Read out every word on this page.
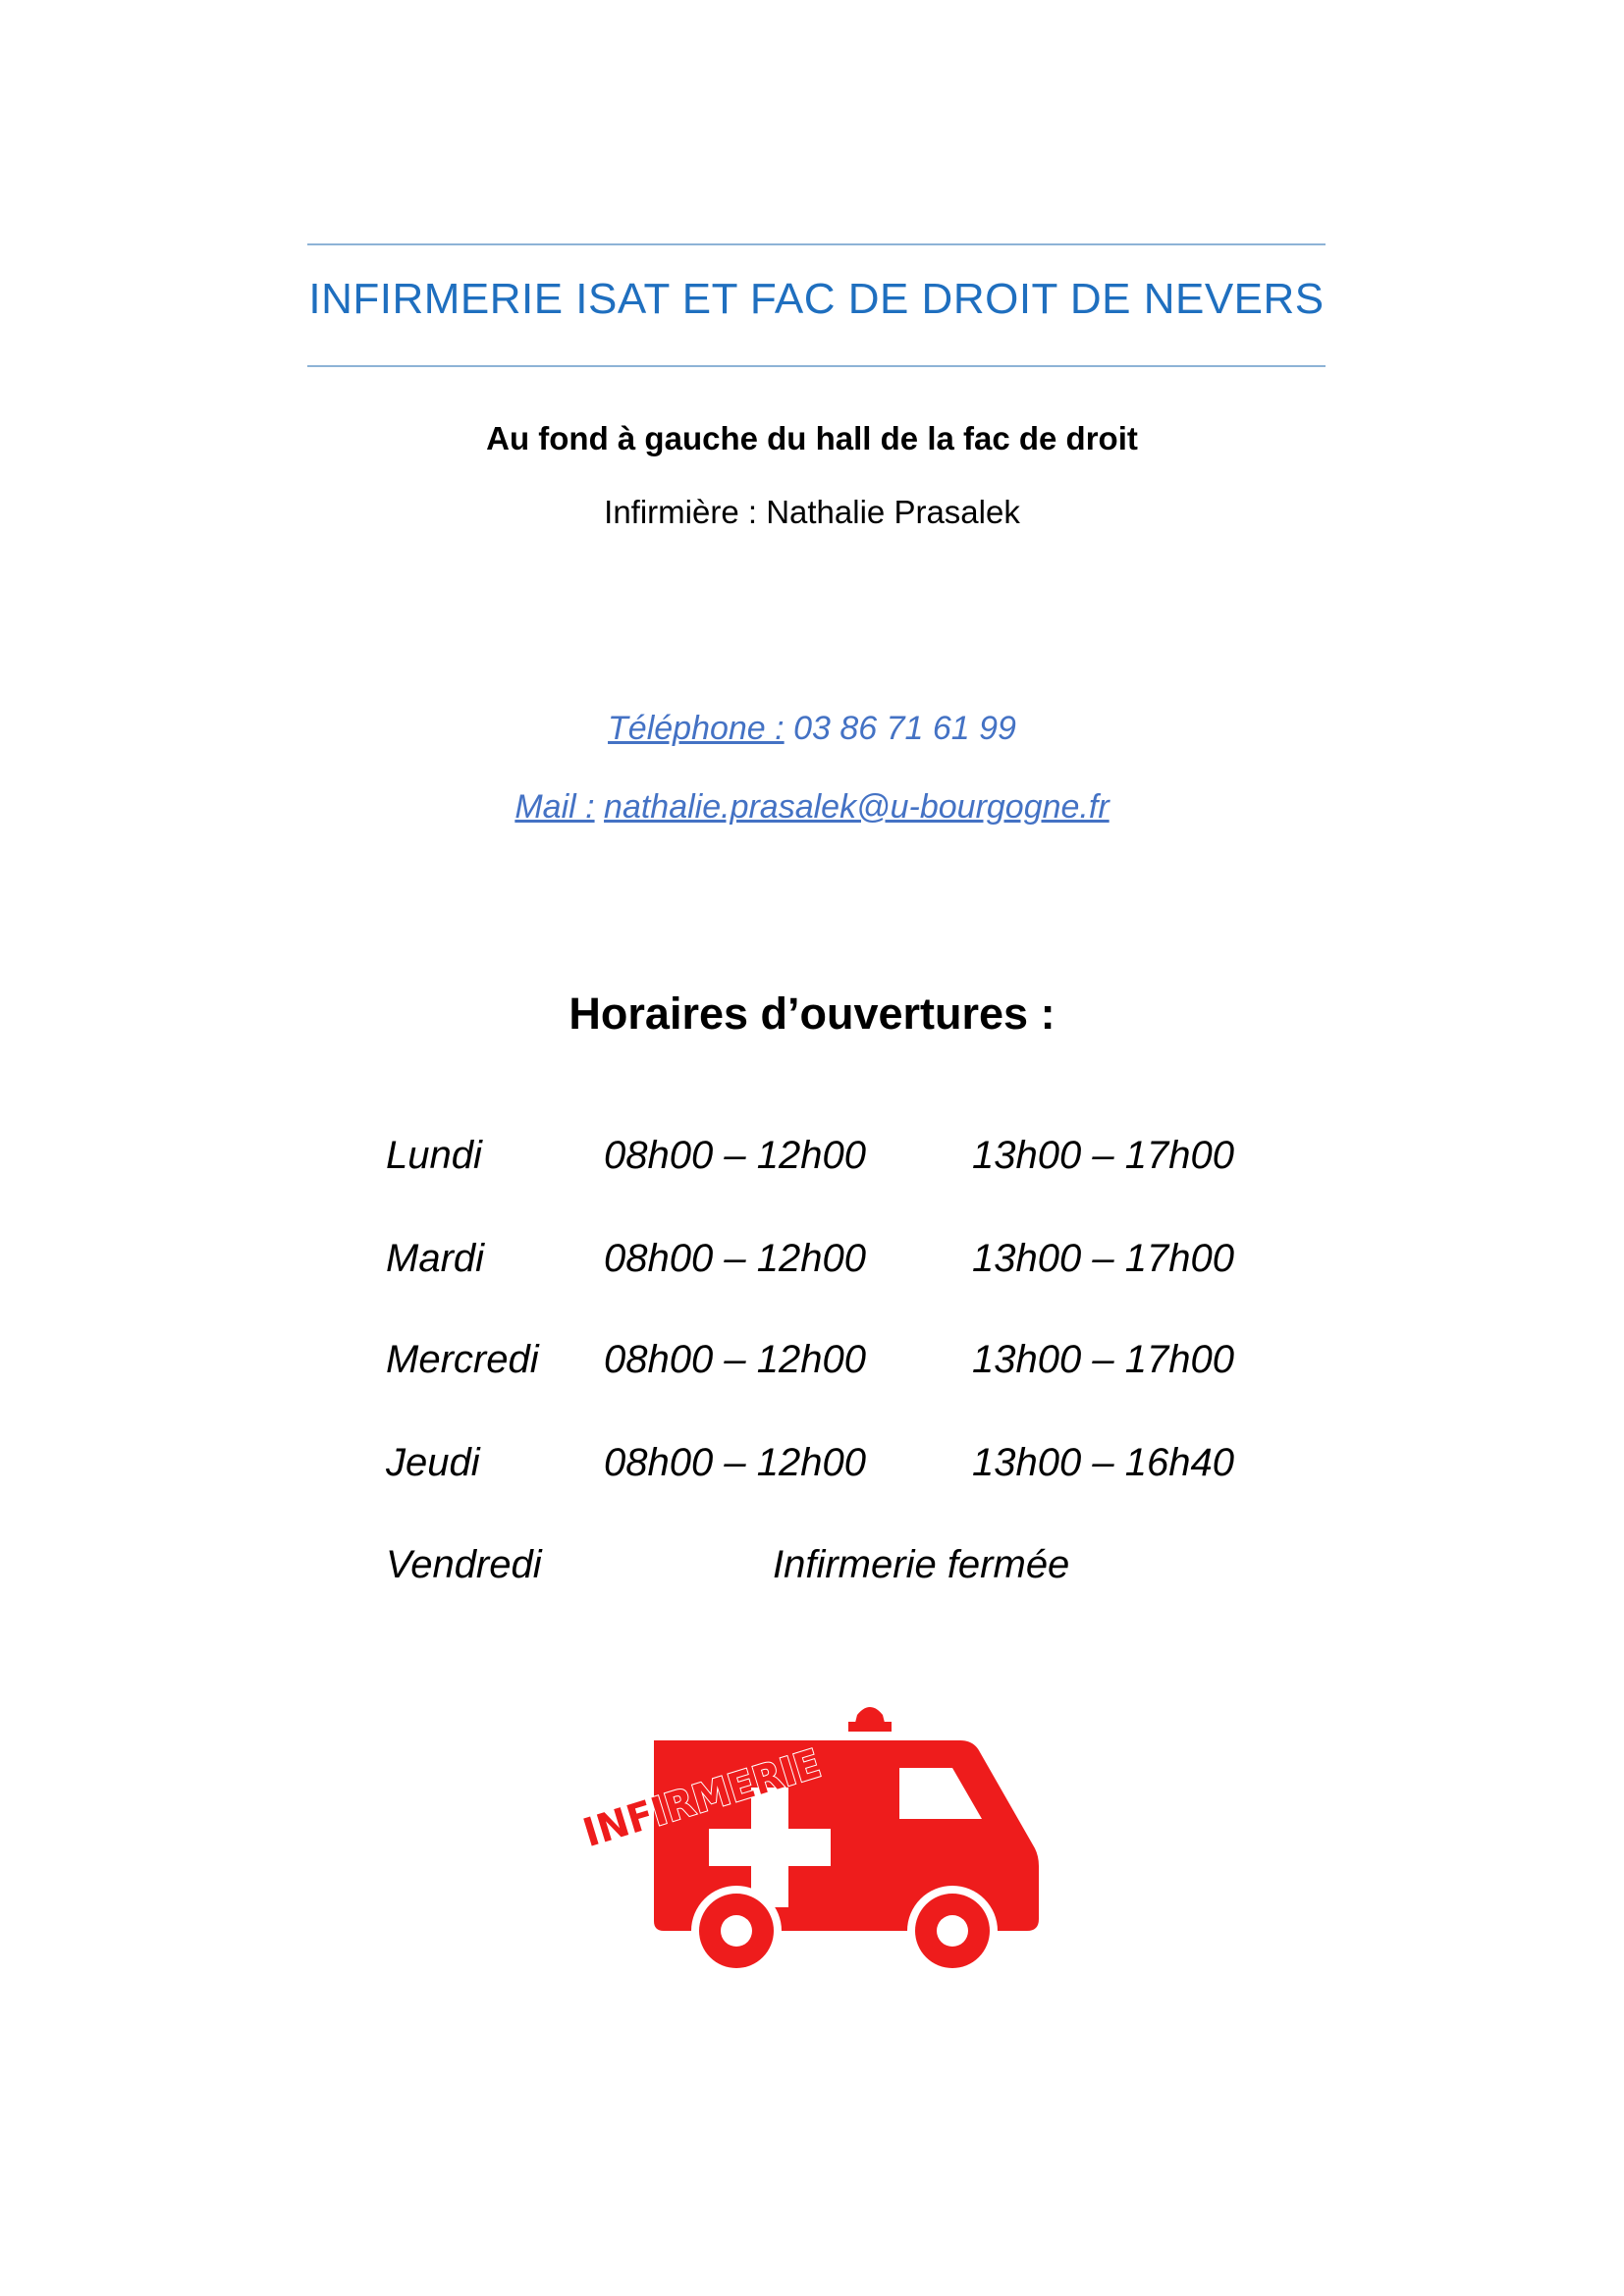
INFIRMERIE ISAT ET FAC DE DROIT DE NEVERS
Au fond à gauche du hall de la fac de droit
Infirmière : Nathalie Prasalek
Téléphone : 03 86 71 61 99
Mail : nathalie.prasalek@u-bourgogne.fr
Horaires d’ouvertures :
Lundi	08h00 – 12h00	13h00 – 17h00
Mardi	08h00 – 12h00	13h00 – 17h00
Mercredi 08h00 – 12h00	13h00 – 17h00
Jeudi	08h00 – 12h00	13h00 – 16h40
Vendredi	Infirmerie fermée
INFIRMERIE
